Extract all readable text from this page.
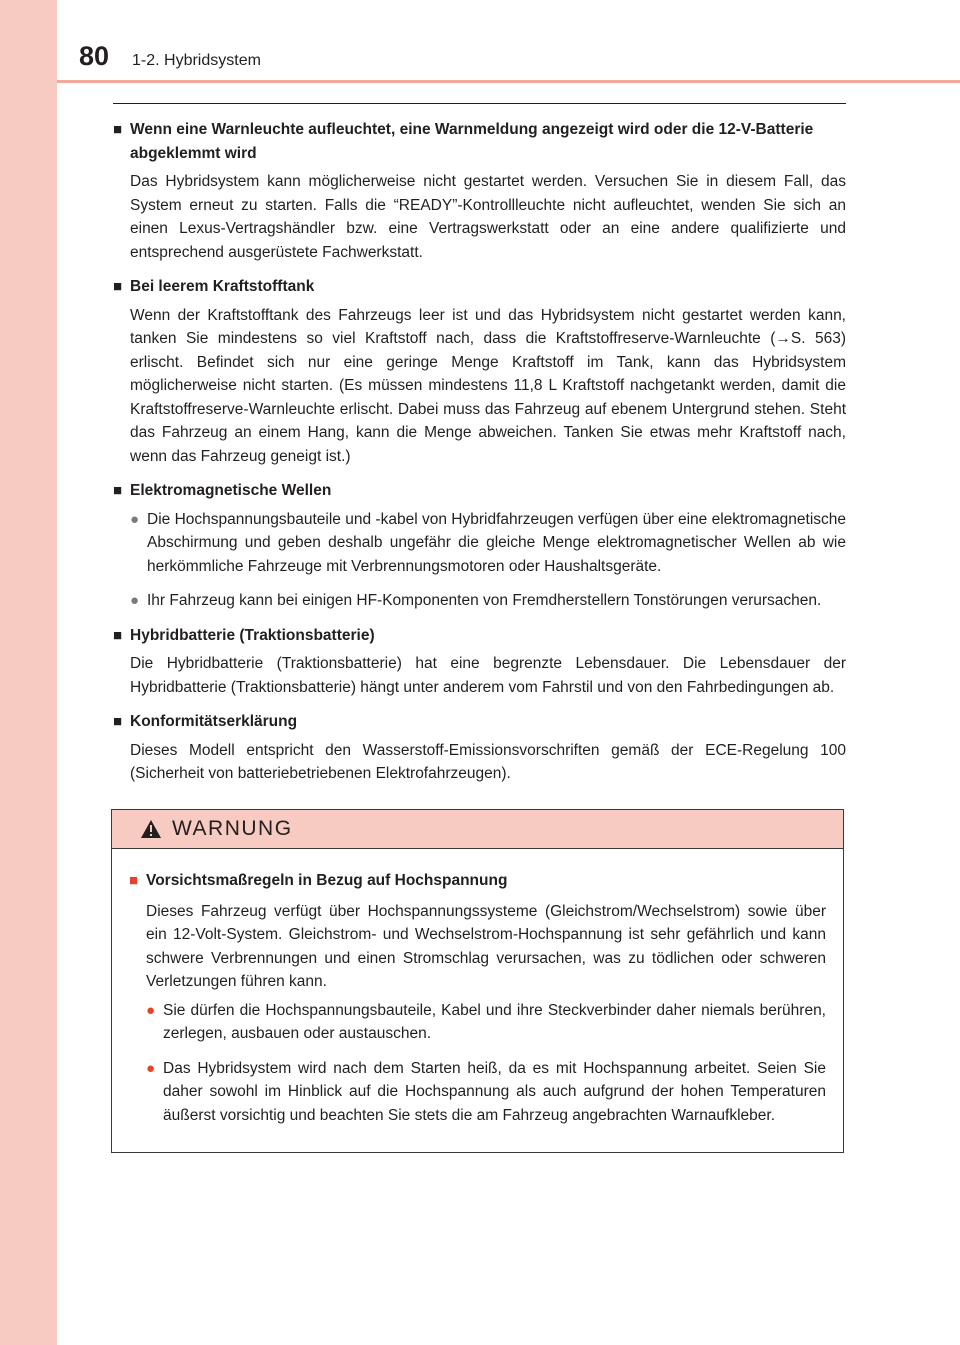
80 1-2. Hybridsystem
■ Wenn eine Warnleuchte aufleuchtet, eine Warnmeldung angezeigt wird oder die 12-V-Batterie abgeklemmt wird
Das Hybridsystem kann möglicherweise nicht gestartet werden. Versuchen Sie in diesem Fall, das System erneut zu starten. Falls die “READY”-Kontrollleuchte nicht aufleuchtet, wenden Sie sich an einen Lexus-Vertragshändler bzw. eine Vertragswerkstatt oder an eine andere qualifizierte und entsprechend ausgerüstete Fachwerkstatt.
■ Bei leerem Kraftstofftank
Wenn der Kraftstofftank des Fahrzeugs leer ist und das Hybridsystem nicht gestartet werden kann, tanken Sie mindestens so viel Kraftstoff nach, dass die Kraftstoffreserve-Warnleuchte (→S. 563) erlischt. Befindet sich nur eine geringe Menge Kraftstoff im Tank, kann das Hybridsystem möglicherweise nicht starten. (Es müssen mindestens 11,8 L Kraftstoff nachgetankt werden, damit die Kraftstoffreserve-Warnleuchte erlischt. Dabei muss das Fahrzeug auf ebenem Untergrund stehen. Steht das Fahrzeug an einem Hang, kann die Menge abweichen. Tanken Sie etwas mehr Kraftstoff nach, wenn das Fahrzeug geneigt ist.)
■ Elektromagnetische Wellen
● Die Hochspannungsbauteile und -kabel von Hybridfahrzeugen verfügen über eine elektromagnetische Abschirmung und geben deshalb ungefähr die gleiche Menge elektromagnetischer Wellen ab wie herkömmliche Fahrzeuge mit Verbrennungsmotoren oder Haushaltsgeräte.
● Ihr Fahrzeug kann bei einigen HF-Komponenten von Fremdherstellern Tonstörungen verursachen.
■ Hybridbatterie (Traktionsbatterie)
Die Hybridbatterie (Traktionsbatterie) hat eine begrenzte Lebensdauer. Die Lebensdauer der Hybridbatterie (Traktionsbatterie) hängt unter anderem vom Fahrstil und von den Fahrbedingungen ab.
■ Konformitätserklärung
Dieses Modell entspricht den Wasserstoff-Emissionsvorschriften gemäß der ECE-Regelung 100 (Sicherheit von batteriebetriebenen Elektrofahrzeugen).
WARNUNG
■ Vorsichtsmaßregeln in Bezug auf Hochspannung
Dieses Fahrzeug verfügt über Hochspannungssysteme (Gleichstrom/Wechselstrom) sowie über ein 12-Volt-System. Gleichstrom- und Wechselstrom-Hochspannung ist sehr gefährlich und kann schwere Verbrennungen und einen Stromschlag verursachen, was zu tödlichen oder schweren Verletzungen führen kann.
● Sie dürfen die Hochspannungsbauteile, Kabel und ihre Steckverbinder daher niemals berühren, zerlegen, ausbauen oder austauschen.
● Das Hybridsystem wird nach dem Starten heiß, da es mit Hochspannung arbeitet. Seien Sie daher sowohl im Hinblick auf die Hochspannung als auch aufgrund der hohen Temperaturen äußerst vorsichtig und beachten Sie stets die am Fahrzeug angebrachten Warnaufkleber.
